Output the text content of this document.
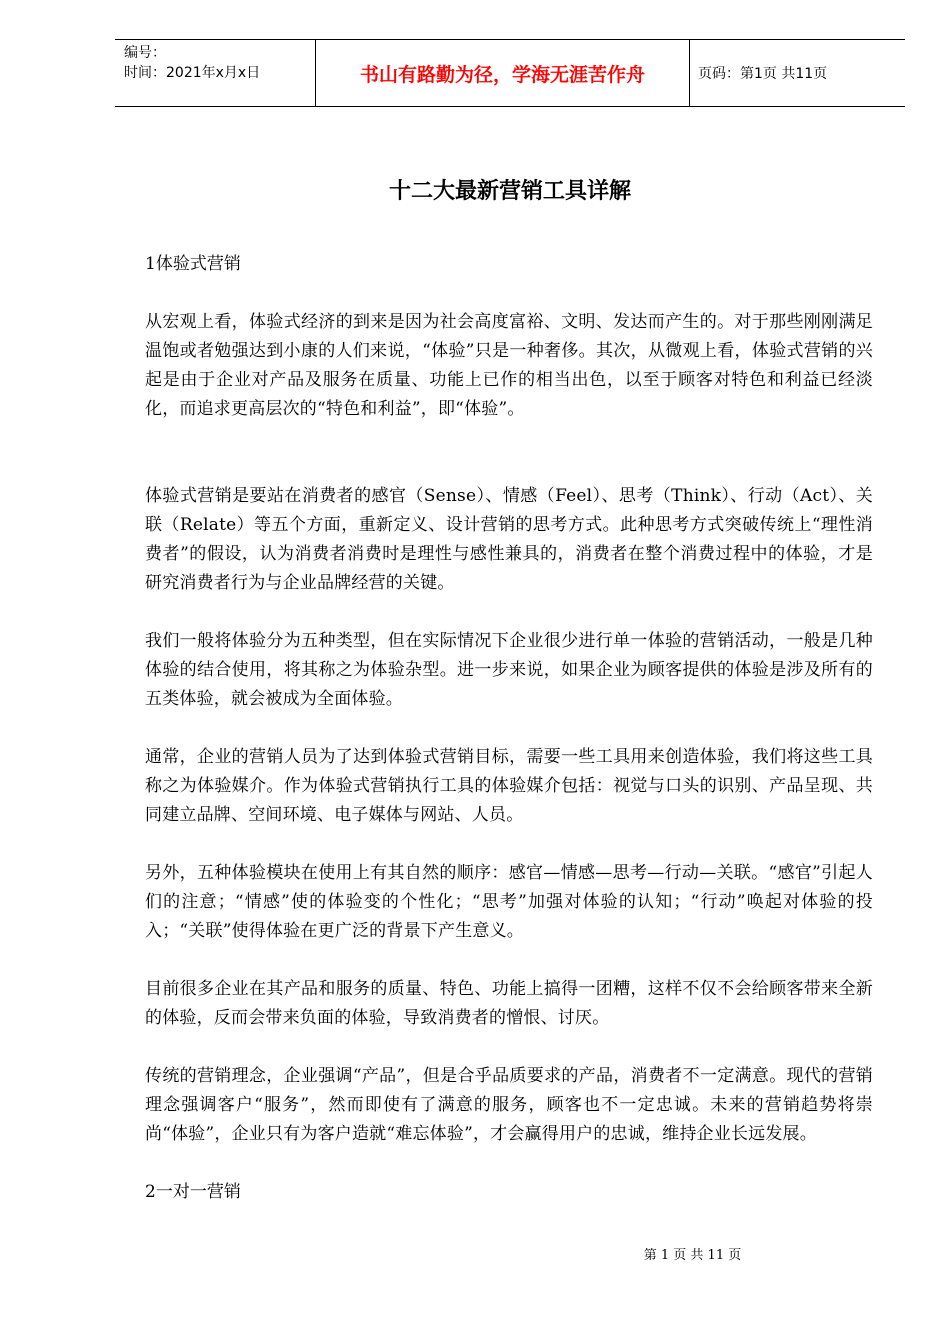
编号：
时间：2021年x月x日	书山有路勤为径，学海无涯苦作舟	页码：第1页 共11页
十二大最新营销工具详解

1体验式营销

从宏观上看，体验式经济的到来是因为社会高度富裕、文明、发达而产生的。对于那些刚刚满足温饱或者勉强达到小康的人们来说，“体验”只是一种奢侈。其次，从微观上看，体验式营销的兴起是由于企业对产品及服务在质量、功能上已作的相当出色，以至于顾客对特色和利益已经淡化，而追求更高层次的“特色和利益”，即“体验”。

体验式营销是要站在消费者的感官（Sense）、情感（Feel）、思考（Think）、行动（Act）、关联（Relate）等五个方面，重新定义、设计营销的思考方式。此种思考方式突破传统上“理性消费者”的假设，认为消费者消费时是理性与感性兼具的，消费者在整个消费过程中的体验，才是研究消费者行为与企业品牌经营的关键。

我们一般将体验分为五种类型，但在实际情况下企业很少进行单一体验的营销活动，一般是几种体验的结合使用，将其称之为体验杂型。进一步来说，如果企业为顾客提供的体验是涉及所有的五类体验，就会被成为全面体验。

通常，企业的营销人员为了达到体验式营销目标，需要一些工具用来创造体验，我们将这些工具称之为体验媒介。作为体验式营销执行工具的体验媒介包括：视觉与口头的识别、产品呈现、共同建立品牌、空间环境、电子媒体与网站、人员。

另外，五种体验模块在使用上有其自然的顺序：感官—情感—思考—行动—关联。“感官”引起人们的注意；“情感”使的体验变的个性化；“思考”加强对体验的认知；“行动”唤起对体验的投入；“关联”使得体验在更广泛的背景下产生意义。

目前很多企业在其产品和服务的质量、特色、功能上搞得一团糟，这样不仅不会给顾客带来全新的体验，反而会带来负面的体验，导致消费者的憎恨、讨厌。

传统的营销理念，企业强调“产品”，但是合乎品质要求的产品，消费者不一定满意。现代的营销理念强调客户“服务”，然而即使有了满意的服务，顾客也不一定忠诚。未来的营销趋势将崇尚“体验”，企业只有为客户造就“难忘体验”，才会赢得用户的忠诚，维持企业长远发展。

2一对一营销

第 1 页 共 11 页
